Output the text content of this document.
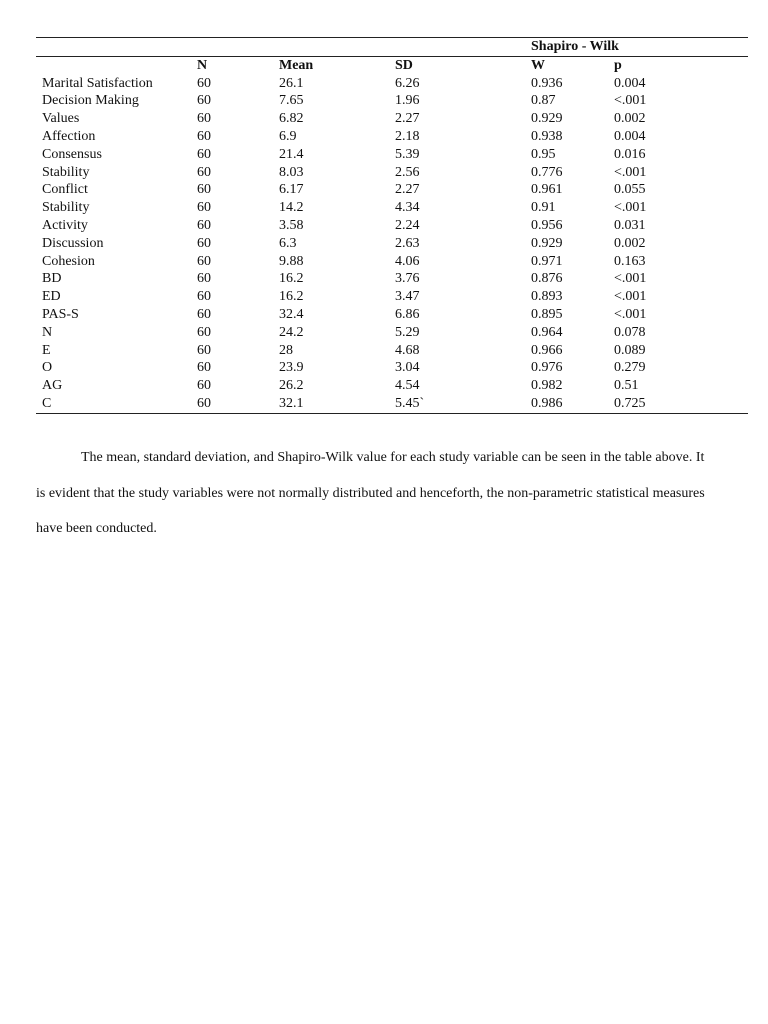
				Shapiro - Wilk	
	N	Mean	SD	W	p
Marital Satisfaction	60	26.1	6.26	0.936	0.004
Decision Making	60	7.65	1.96	0.87	<.001
Values	60	6.82	2.27	0.929	0.002
Affection	60	6.9	2.18	0.938	0.004
Consensus	60	21.4	5.39	0.95	0.016
Stability	60	8.03	2.56	0.776	<.001
Conflict	60	6.17	2.27	0.961	0.055
Stability	60	14.2	4.34	0.91	<.001
Activity	60	3.58	2.24	0.956	0.031
Discussion	60	6.3	2.63	0.929	0.002
Cohesion	60	9.88	4.06	0.971	0.163
BD	60	16.2	3.76	0.876	<.001
ED	60	16.2	3.47	0.893	<.001
PAS-S	60	32.4	6.86	0.895	<.001
N	60	24.2	5.29	0.964	0.078
E	60	28	4.68	0.966	0.089
O	60	23.9	3.04	0.976	0.279
AG	60	26.2	4.54	0.982	0.51
C	60	32.1	5.45`	0.986	0.725

The mean, standard deviation, and Shapiro-Wilk value for each study variable can be seen in the table above. It is evident that the study variables were not normally distributed and henceforth, the non-parametric statistical measures have been conducted.
